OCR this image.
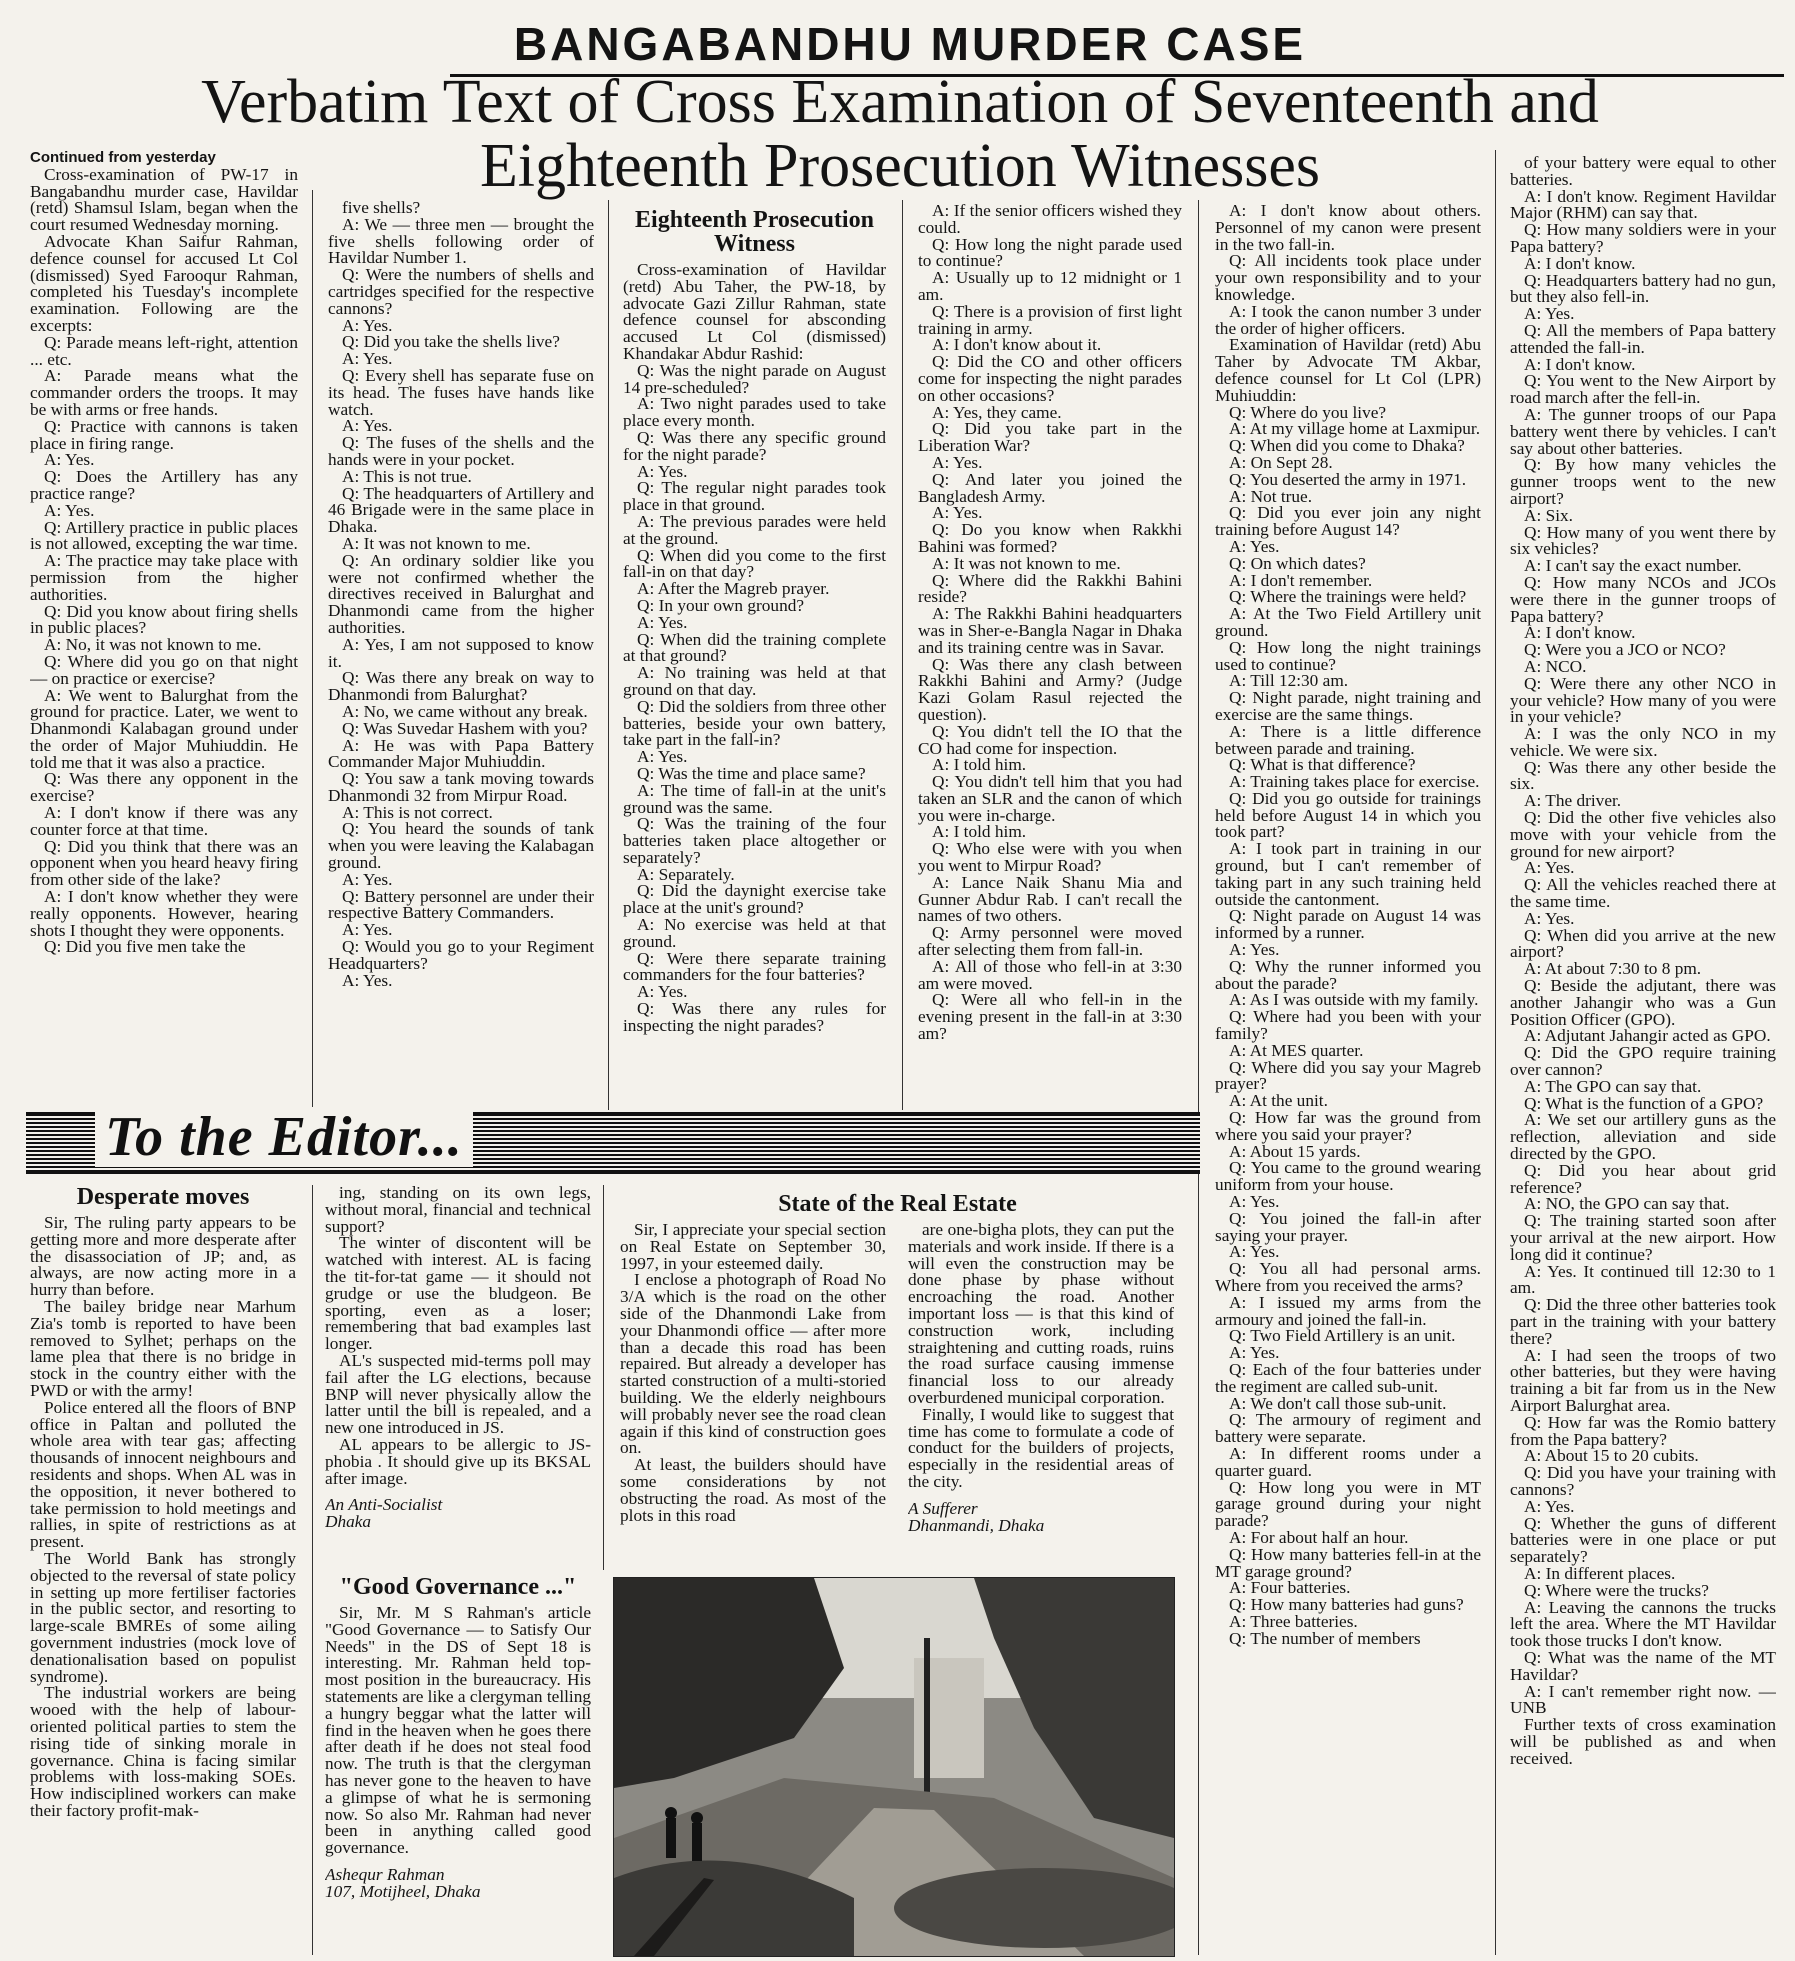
BANGABANDHU MURDER CASE
Verbatim Text of Cross Examination of Seventeenth and Eighteenth Prosecution Witnesses

Continued from yesterday

Cross-examination of PW-17 in Bangabandhu murder case, Havildar (retd) Shamsul Islam, began when the court resumed Wednesday morning.

Advocate Khan Saifur Rahman, defence counsel for accused Lt Col (dismissed) Syed Farooqur Rahman, completed his Tuesday's incomplete examination. Following are the excerpts:

Q: Parade means left-right, attention ... etc.

A: Parade means what the commander orders the troops. It may be with arms or free hands.

Q: Practice with cannons is taken place in firing range.

A: Yes.

Q: Does the Artillery has any practice range?

A: Yes.

Q: Artillery practice in public places is not allowed, excepting the war time.

A: The practice may take place with permission from the higher authorities.

Q: Did you know about firing shells in public places?

A: No, it was not known to me.

Q: Where did you go on that night — on practice or exercise?

A: We went to Balurghat from the ground for practice. Later, we went to Dhanmondi Kalabagan ground under the order of Major Muhiuddin. He told me that it was also a practice.

Q: Was there any opponent in the exercise?

A: I don't know if there was any counter force at that time.

Q: Did you think that there was an opponent when you heard heavy firing from other side of the lake?

A: I don't know whether they were really opponents. However, hearing shots I thought they were opponents.

Q: Did you five men take the

five shells?

A: We — three men — brought the five shells following order of Havildar Number 1.

Q: Were the numbers of shells and cartridges specified for the respective cannons?

A: Yes.

Q: Did you take the shells live?

A: Yes.

Q: Every shell has separate fuse on its head. The fuses have hands like watch.

A: Yes.

Q: The fuses of the shells and the hands were in your pocket.

A: This is not true.

Q: The headquarters of Artillery and 46 Brigade were in the same place in Dhaka.

A: It was not known to me.

Q: An ordinary soldier like you were not confirmed whether the directives received in Balurghat and Dhanmondi came from the higher authorities.

A: Yes, I am not supposed to know it.

Q: Was there any break on way to Dhanmondi from Balurghat?

A: No, we came without any break.

Q: Was Suvedar Hashem with you?

A: He was with Papa Battery Commander Major Muhiuddin.

Q: You saw a tank moving towards Dhanmondi 32 from Mirpur Road.

A: This is not correct.

Q: You heard the sounds of tank when you were leaving the Kalabagan ground.

A: Yes.

Q: Battery personnel are under their respective Battery Commanders.

A: Yes.

Q: Would you go to your Regiment Headquarters?

A: Yes.

Eighteenth Prosecution Witness

Cross-examination of Havildar (retd) Abu Taher, the PW-18, by advocate Gazi Zillur Rahman, state defence counsel for absconding accused Lt Col (dismissed) Khandakar Abdur Rashid:

Q: Was the night parade on August 14 pre-scheduled?

A: Two night parades used to take place every month.

Q: Was there any specific ground for the night parade?

A: Yes.

Q: The regular night parades took place in that ground.

A: The previous parades were held at the ground.

Q: When did you come to the first fall-in on that day?

A: After the Magreb prayer.

Q: In your own ground?

A: Yes.

Q: When did the training complete at that ground?

A: No training was held at that ground on that day.

Q: Did the soldiers from three other batteries, beside your own battery, take part in the fall-in?

A: Yes.

Q: Was the time and place same?

A: The time of fall-in at the unit's ground was the same.

Q: Was the training of the four batteries taken place altogether or separately?

A: Separately.

Q: Did the daynight exercise take place at the unit's ground?

A: No exercise was held at that ground.

Q: Were there separate training commanders for the four batteries?

A: Yes.

Q: Was there any rules for inspecting the night parades?

A: If the senior officers wished they could.

Q: How long the night parade used to continue?

A: Usually up to 12 midnight or 1 am.

Q: There is a provision of first light training in army.

A: I don't know about it.

Q: Did the CO and other officers come for inspecting the night parades on other occasions?

A: Yes, they came.

Q: Did you take part in the Liberation War?

A: Yes.

Q: And later you joined the Bangladesh Army.

A: Yes.

Q: Do you know when Rakkhi Bahini was formed?

A: It was not known to me.

Q: Where did the Rakkhi Bahini reside?

A: The Rakkhi Bahini headquarters was in Sher-e-Bangla Nagar in Dhaka and its training centre was in Savar.

Q: Was there any clash between Rakkhi Bahini and Army? (Judge Kazi Golam Rasul rejected the question).

Q: You didn't tell the IO that the CO had come for inspection.

A: I told him.

Q: You didn't tell him that you had taken an SLR and the canon of which you were in-charge.

A: I told him.

Q: Who else were with you when you went to Mirpur Road?

A: Lance Naik Shanu Mia and Gunner Abdur Rab. I can't recall the names of two others.

Q: Army personnel were moved after selecting them from fall-in.

A: All of those who fell-in at 3:30 am were moved.

Q: Were all who fell-in in the evening present in the fall-in at 3:30 am?

A: I don't know about others. Personnel of my canon were present in the two fall-in.

Q: All incidents took place under your own responsibility and to your knowledge.

A: I took the canon number 3 under the order of higher officers.

Examination of Havildar (retd) Abu Taher by Advocate TM Akbar, defence counsel for Lt Col (LPR) Muhiuddin:

Q: Where do you live?

A: At my village home at Laxmipur.

Q: When did you come to Dhaka?

A: On Sept 28.

Q: You deserted the army in 1971.

A: Not true.

Q: Did you ever join any night training before August 14?

A: Yes.

Q: On which dates?

A: I don't remember.

Q: Where the trainings were held?

A: At the Two Field Artillery unit ground.

Q: How long the night trainings used to continue?

A: Till 12:30 am.

Q: Night parade, night training and exercise are the same things.

A: There is a little difference between parade and training.

Q: What is that difference?

A: Training takes place for exercise.

Q: Did you go outside for trainings held before August 14 in which you took part?

A: I took part in training in our ground, but I can't remember of taking part in any such training held outside the cantonment.

Q: Night parade on August 14 was informed by a runner.

A: Yes.

Q: Why the runner informed you about the parade?

A: As I was outside with my family.

Q: Where had you been with your family?

A: At MES quarter.

Q: Where did you say your Magreb prayer?

A: At the unit.

Q: How far was the ground from where you said your prayer?

A: About 15 yards.

Q: You came to the ground wearing uniform from your house.

A: Yes.

Q: You joined the fall-in after saying your prayer.

A: Yes.

Q: You all had personal arms. Where from you received the arms?

A: I issued my arms from the armoury and joined the fall-in.

Q: Two Field Artillery is an unit.

A: Yes.

Q: Each of the four batteries under the regiment are called sub-unit.

A: We don't call those sub-unit.

Q: The armoury of regiment and battery were separate.

A: In different rooms under a quarter guard.

Q: How long you were in MT garage ground during your night parade?

A: For about half an hour.

Q: How many batteries fell-in at the MT garage ground?

A: Four batteries.

Q: How many batteries had guns?

A: Three batteries.

Q: The number of members

of your battery were equal to other batteries.

A: I don't know. Regiment Havildar Major (RHM) can say that.

Q: How many soldiers were in your Papa battery?

A: I don't know.

Q: Headquarters battery had no gun, but they also fell-in.

A: Yes.

Q: All the members of Papa battery attended the fall-in.

A: I don't know.

Q: You went to the New Airport by road march after the fell-in.

A: The gunner troops of our Papa battery went there by vehicles. I can't say about other batteries.

Q: By how many vehicles the gunner troops went to the new airport?

A: Six.

Q: How many of you went there by six vehicles?

A: I can't say the exact number.

Q: How many NCOs and JCOs were there in the gunner troops of Papa battery?

A: I don't know.

Q: Were you a JCO or NCO?

A: NCO.

Q: Were there any other NCO in your vehicle? How many of you were in your vehicle?

A: I was the only NCO in my vehicle. We were six.

Q: Was there any other beside the six.

A: The driver.

Q: Did the other five vehicles also move with your vehicle from the ground for new airport?

A: Yes.

Q: All the vehicles reached there at the same time.

A: Yes.

Q: When did you arrive at the new airport?

A: At about 7:30 to 8 pm.

Q: Beside the adjutant, there was another Jahangir who was a Gun Position Officer (GPO).

A: Adjutant Jahangir acted as GPO.

Q: Did the GPO require training over cannon?

A: The GPO can say that.

Q: What is the function of a GPO?

A: We set our artillery guns as the reflection, alleviation and side directed by the GPO.

Q: Did you hear about grid reference?

A: NO, the GPO can say that.

Q: The training started soon after your arrival at the new airport. How long did it continue?

A: Yes. It continued till 12:30 to 1 am.

Q: Did the three other batteries took part in the training with your battery there?

A: I had seen the troops of two other batteries, but they were having training a bit far from us in the New Airport Balurghat area.

Q: How far was the Romio battery from the Papa battery?

A: About 15 to 20 cubits.

Q: Did you have your training with cannons?

A: Yes.

Q: Whether the guns of different batteries were in one place or put separately?

A: In different places.

Q: Where were the trucks?

A: Leaving the cannons the trucks left the area. Where the MT Havildar took those trucks I don't know.

Q: What was the name of the MT Havildar?

A: I can't remember right now. — UNB

Further texts of cross examination will be published as and when received.

To the Editor...
Desperate moves

Sir, The ruling party appears to be getting more and more desperate after the disassociation of JP; and, as always, are now acting more in a hurry than before.

The bailey bridge near Marhum Zia's tomb is reported to have been removed to Sylhet; perhaps on the lame plea that there is no bridge in stock in the country either with the PWD or with the army!

Police entered all the floors of BNP office in Paltan and polluted the whole area with tear gas; affecting thousands of innocent neighbours and residents and shops. When AL was in the opposition, it never bothered to take permission to hold meetings and rallies, in spite of restrictions as at present.

The World Bank has strongly objected to the reversal of state policy in setting up more fertiliser factories in the public sector, and resorting to large-scale BMREs of some ailing government industries (mock love of denationalisation based on populist syndrome).

The industrial workers are being wooed with the help of labour-oriented political parties to stem the rising tide of sinking morale in governance. China is facing similar problems with loss-making SOEs. How indisciplined workers can make their factory profit-mak-

ing, standing on its own legs, without moral, financial and technical support?

The winter of discontent will be watched with interest. AL is facing the tit-for-tat game — it should not grudge or use the bludgeon. Be sporting, even as a loser; remembering that bad examples last longer.

AL's suspected mid-terms poll may fail after the LG elections, because BNP will never physically allow the latter until the bill is repealed, and a new one introduced in JS.

AL appears to be allergic to JS-phobia . It should give up its BKSAL after image.

An Anti-Socialist

Dhaka

"Good Governance ..."

Sir, Mr. M S Rahman's article "Good Governance — to Satisfy Our Needs" in the DS of Sept 18 is interesting. Mr. Rahman held top-most position in the bureaucracy. His statements are like a clergyman telling a hungry beggar what the latter will find in the heaven when he goes there after death if he does not steal food now. The truth is that the clergyman has never gone to the heaven to have a glimpse of what he is sermoning now. So also Mr. Rahman had never been in anything called good governance.

Ashequr Rahman

107, Motijheel, Dhaka

State of the Real Estate

Sir, I appreciate your special section on Real Estate on September 30, 1997, in your esteemed daily.

I enclose a photograph of Road No 3/A which is the road on the other side of the Dhanmondi Lake from your Dhanmondi office — after more than a decade this road has been repaired. But already a developer has started construction of a multi-storied building. We the elderly neighbours will probably never see the road clean again if this kind of construction goes on.

At least, the builders should have some considerations by not obstructing the road. As most of the plots in this road

are one-bigha plots, they can put the materials and work inside. If there is a will even the construction may be done phase by phase without encroaching the road. Another important loss — is that this kind of construction work, including straightening and cutting roads, ruins the road surface causing immense financial loss to our already overburdened municipal corporation.

Finally, I would like to suggest that time has come to formulate a code of conduct for the builders of projects, especially in the residential areas of the city.

A Sufferer

Dhanmandi, Dhaka
